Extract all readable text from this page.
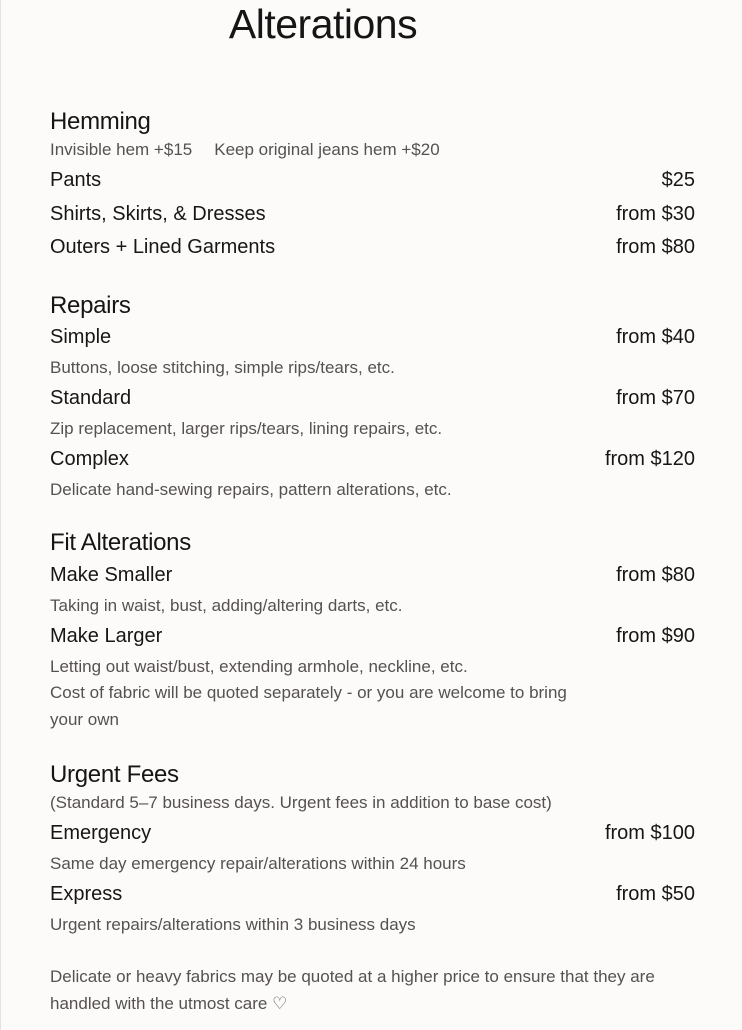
Alterations
Hemming
Invisible hem +$15 Keep original jeans hem +$20
Pants	$25
Shirts, Skirts, & Dresses	from $30
Outers + Lined Garments	from $80
Repairs
Simple	from $40
Buttons, loose stitching, simple rips/tears, etc.
Standard	from $70
Zip replacement, larger rips/tears, lining repairs, etc.
Complex	from $120
Delicate hand-sewing repairs, pattern alterations, etc.
Fit Alterations
Make Smaller	from $80
Taking in waist, bust, adding/altering darts, etc.
Make Larger	from $90
Letting out waist/bust, extending armhole, neckline, etc.
Cost of fabric will be quoted separately - or you are welcome to bring your own
Urgent Fees
(Standard 5–7 business days. Urgent fees in addition to base cost)
Emergency	from $100
Same day emergency repair/alterations within 24 hours
Express	from $50
Urgent repairs/alterations within 3 business days
Delicate or heavy fabrics may be quoted at a higher price to ensure that they are handled with the utmost care ♡
